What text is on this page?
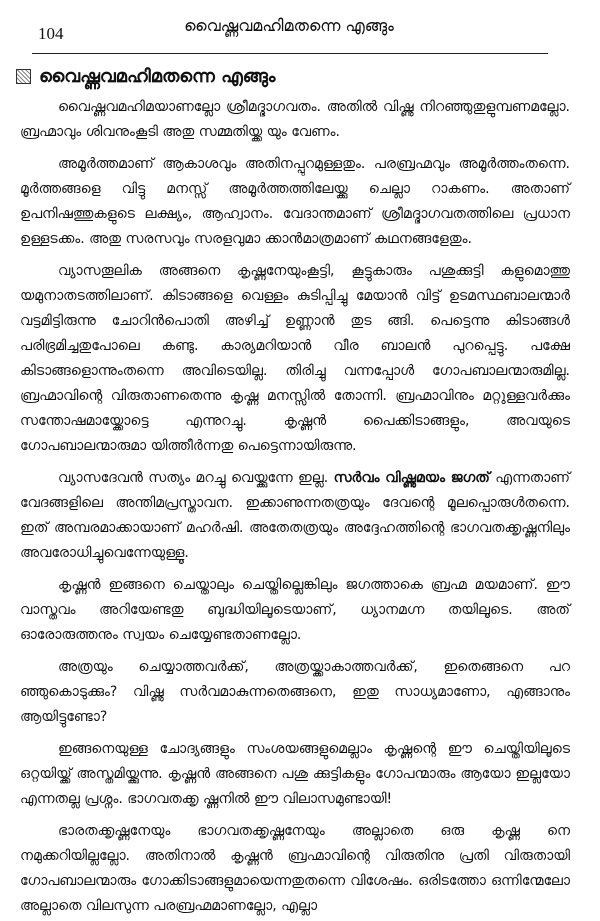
104	വൈഷ്ണവമഹിമതന്നെ എങ്ങും
വൈഷ്ണവമഹിമതന്നെ എങ്ങും

വൈഷ്ണവമഹിമയാണല്ലോ ശ്രീമദ്ഭാഗവതം. അതിൽ വിഷ്ണു നിറഞ്ഞുതുളുമ്പണമല്ലോ. ബ്രഹ്മാവും ശിവനുംകൂടി അതു സമ്മതിയ്ക്ക യും വേണം.

അമൂർത്തമാണ് ആകാശവും അതിനപ്പുറമുള്ളതും. പരബ്രഹ്മവും അമൂർത്തംതന്നെ. മൂർത്തങ്ങളെ വിട്ടു മനസ്സ് അമൂർത്തത്തിലേയ്ക്കു ചെല്ലാ റാകണം. അതാണ് ഉപനിഷത്തുകളുടെ ലക്ഷ്യം, ആഹ്വാനം. വേദാന്തമാണ് ശ്രീമദ്ഭാഗവതത്തിലെ പ്രധാന ഉള്ളടക്കം. അതു സരസവും സരളവുമാ ക്കാൻമാത്രമാണ് കഥനങ്ങളേതും.

വ്യാസതൂലിക അങ്ങനെ കൃഷ്ണനേയുംകൂട്ടി, കൂട്ടുകാരും പശുക്കുട്ടി കളുമൊത്തു യമുനാതടത്തിലാണ്. കിടാങ്ങളെ വെള്ളം കുടിപ്പിച്ചു മേയാൻ വിട്ട് ഉടമസ്ഥബാലന്മാർ വട്ടമിട്ടിരുന്നു ചോറിൻപൊതി അഴിച്ച് ഉണ്ണാൻ തുട ങ്ങി. പെട്ടെന്നു കിടാങ്ങൾ പരിഭ്രമിച്ചതുപോലെ കണ്ടു. കാര്യമറിയാൻ വീര ബാലൻ പുറപ്പെട്ടു. പക്ഷേ കിടാങ്ങളൊന്നുംതന്നെ അവിടെയില്ല. തിരിച്ചു വന്നപ്പോൾ ഗോപബാലന്മാരുമില്ല. ബ്രഹ്മാവിന്റെ വിരുതാണതെന്നു കൃഷ്ണ മനസ്സിൽ തോന്നി. ബ്രഹ്മാവിനും മറ്റുള്ളവർക്കും സന്തോഷമായ്ക്കോട്ടെ എന്നുറച്ചു. കൃഷ്ണൻ പൈക്കിടാങ്ങളും, അവയുടെ ഗോപബാലന്മാരുമാ യിത്തീർന്നതു പെട്ടെന്നായിരുന്നു.

വ്യാസദേവൻ സത്യം മറച്ചു വെയ്ക്കുന്നേ ഇല്ല. സർവം വിഷ്ണുമയം ജഗത് എന്നതാണ് വേദങ്ങളിലെ അന്തിമപ്രസ്താവന. ഇക്കാണുന്നതത്രയും ദേവന്റെ മൂലപ്പൊരുൾതന്നെ. ഇത് അമ്പരമാക്കായാണ് മഹർഷി. അതേതത്രയും അദ്ദേഹത്തിന്റെ ഭാഗവതക്കൃഷ്ണനിലും അവരോധിച്ചുവെന്നേയുള്ളൂ.

കൃഷ്ണൻ ഇങ്ങനെ ചെയ്താലും ചെയ്തില്ലെങ്കിലും ജഗത്താകെ ബ്രഹ്മ മയമാണ്. ഈ വാസ്തവം അറിയേണ്ടതു ബുദ്ധിയിലൂടെയാണ്, ധ്യാനമഗ്ന തയിലൂടെ. അത് ഓരോരുത്തനും സ്വയം ചെയ്യേണ്ടതാണല്ലോ.

അത്രയും ചെയ്യാത്തവർക്ക്, അത്രയ്ക്കാകാത്തവർക്ക്, ഇതെങ്ങനെ പറ ഞ്ഞുകൊടുക്കും? വിഷ്ണു സർവമാകുന്നതെങ്ങനെ, ഇതു സാധ്യമാണോ, എങ്ങാനും ആയിട്ടുണ്ടോ?

ഇങ്ങനെയുള്ള ചോദ്യങ്ങളും സംശയങ്ങളുമെല്ലാം കൃഷ്ണന്റെ ഈ ചെയ്തിയിലൂടെ ഒറ്റയിയ്ക്ക് അസ്തമിയ്ക്കുന്നു. കൃഷ്ണൻ അങ്ങനെ പശു ക്കുട്ടികളും ഗോപന്മാരും ആയോ ഇല്ലയോ എന്നതല്ല പ്രശ്നം. ഭാഗവതക്കൃ ഷ്ണനിൽ ഈ വിലാസമുണ്ടായി!

ഭാരതക്കൃഷ്ണനേയും ഭാഗവതക്കൃഷ്ണനേയും അല്ലാതെ ഒരു കൃഷ്ണ നെ നമുക്കറിയില്ലല്ലോ. അതിനാൽ കൃഷ്ണൻ ബ്രഹ്മാവിന്റെ വിരുതിനു പ്രതി വിരുതായി ഗോപബാലന്മാരും ഗോക്കിടാങ്ങളുമായെന്നതുതന്നെ വിശേഷം. ഒരിടത്തോ ഒന്നിന്മേലോ അല്ലാതെ വിലസുന്ന പരബ്രഹ്മമാണല്ലോ, എല്ലാ
